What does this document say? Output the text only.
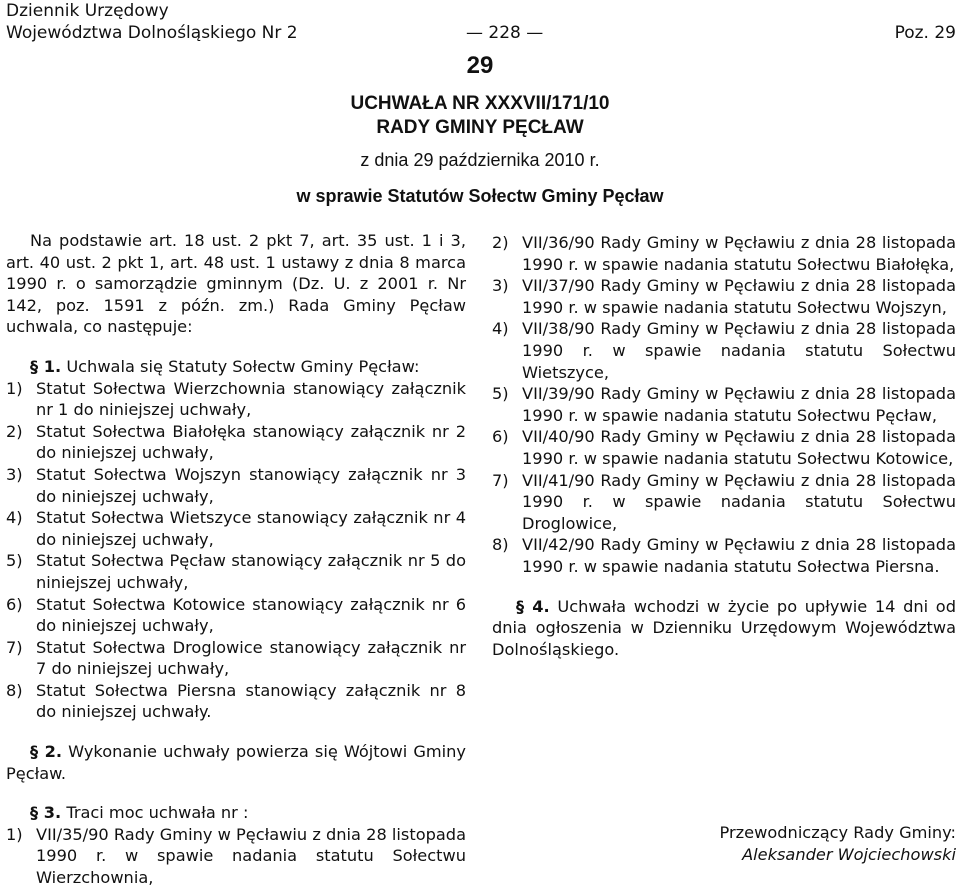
Dziennik Urzędowy
Województwa Dolnośląskiego Nr 2	— 228 —	Poz. 29
29
UCHWAŁA NR XXXVII/171/10
RADY GMINY PĘCŁAW
z dnia 29 października 2010 r.
w sprawie Statutów Sołectw Gminy Pęcław

Na podstawie art. 18 ust. 2 pkt 7, art. 35 ust. 1 i 3, art. 40 ust. 2 pkt 1, art. 48 ust. 1 ustawy z dnia 8 marca 1990 r. o samorządzie gminnym (Dz. U. z 2001 r. Nr 142, poz. 1591 z późn. zm.) Rada Gminy Pęcław uchwala, co następuje:

§ 1. Uchwala się Statuty Sołectw Gminy Pęcław:

1) Statut Sołectwa Wierzchownia stanowiący załącznik nr 1 do niniejszej uchwały,
2) Statut Sołectwa Białołęka stanowiący załącznik nr 2 do niniejszej uchwały,
3) Statut Sołectwa Wojszyn stanowiący załącznik nr 3 do niniejszej uchwały,
4) Statut Sołectwa Wietszyce stanowiący załącznik nr 4 do niniejszej uchwały,
5) Statut Sołectwa Pęcław stanowiący załącznik nr 5 do niniejszej uchwały,
6) Statut Sołectwa Kotowice stanowiący załącznik nr 6 do niniejszej uchwały,
7) Statut Sołectwa Droglowice stanowiący załącznik nr 7 do niniejszej uchwały,
8) Statut Sołectwa Piersna stanowiący załącznik nr 8 do niniejszej uchwały.

§ 2. Wykonanie uchwały powierza się Wójtowi Gminy Pęcław.

§ 3. Traci moc uchwała nr :

1) VII/35/90 Rady Gminy w Pęcławiu z dnia 28 listopada 1990 r. w spawie nadania statutu Sołectwu Wierzchownia,
2) VII/36/90 Rady Gminy w Pęcławiu z dnia 28 listopada 1990 r. w spawie nadania statutu Sołectwu Białołęka,
3) VII/37/90 Rady Gminy w Pęcławiu z dnia 28 listopada 1990 r. w spawie nadania statutu Sołectwu Wojszyn,
4) VII/38/90 Rady Gminy w Pęcławiu z dnia 28 listopada 1990 r. w spawie nadania statutu Sołectwu Wietszyce,
5) VII/39/90 Rady Gminy w Pęcławiu z dnia 28 listopada 1990 r. w spawie nadania statutu Sołectwu Pęcław,
6) VII/40/90 Rady Gminy w Pęcławiu z dnia 28 listopada 1990 r. w spawie nadania statutu Sołectwu Kotowice,
7) VII/41/90 Rady Gminy w Pęcławiu z dnia 28 listopada 1990 r. w spawie nadania statutu Sołectwu Droglowice,
8) VII/42/90 Rady Gminy w Pęcławiu z dnia 28 listopada 1990 r. w spawie nadania statutu Sołectwa Piersna.

§ 4. Uchwała wchodzi w życie po upływie 14 dni od dnia ogłoszenia w Dzienniku Urzędowym Województwa Dolnośląskiego.

Przewodniczący Rady Gminy:
Aleksander Wojciechowski
